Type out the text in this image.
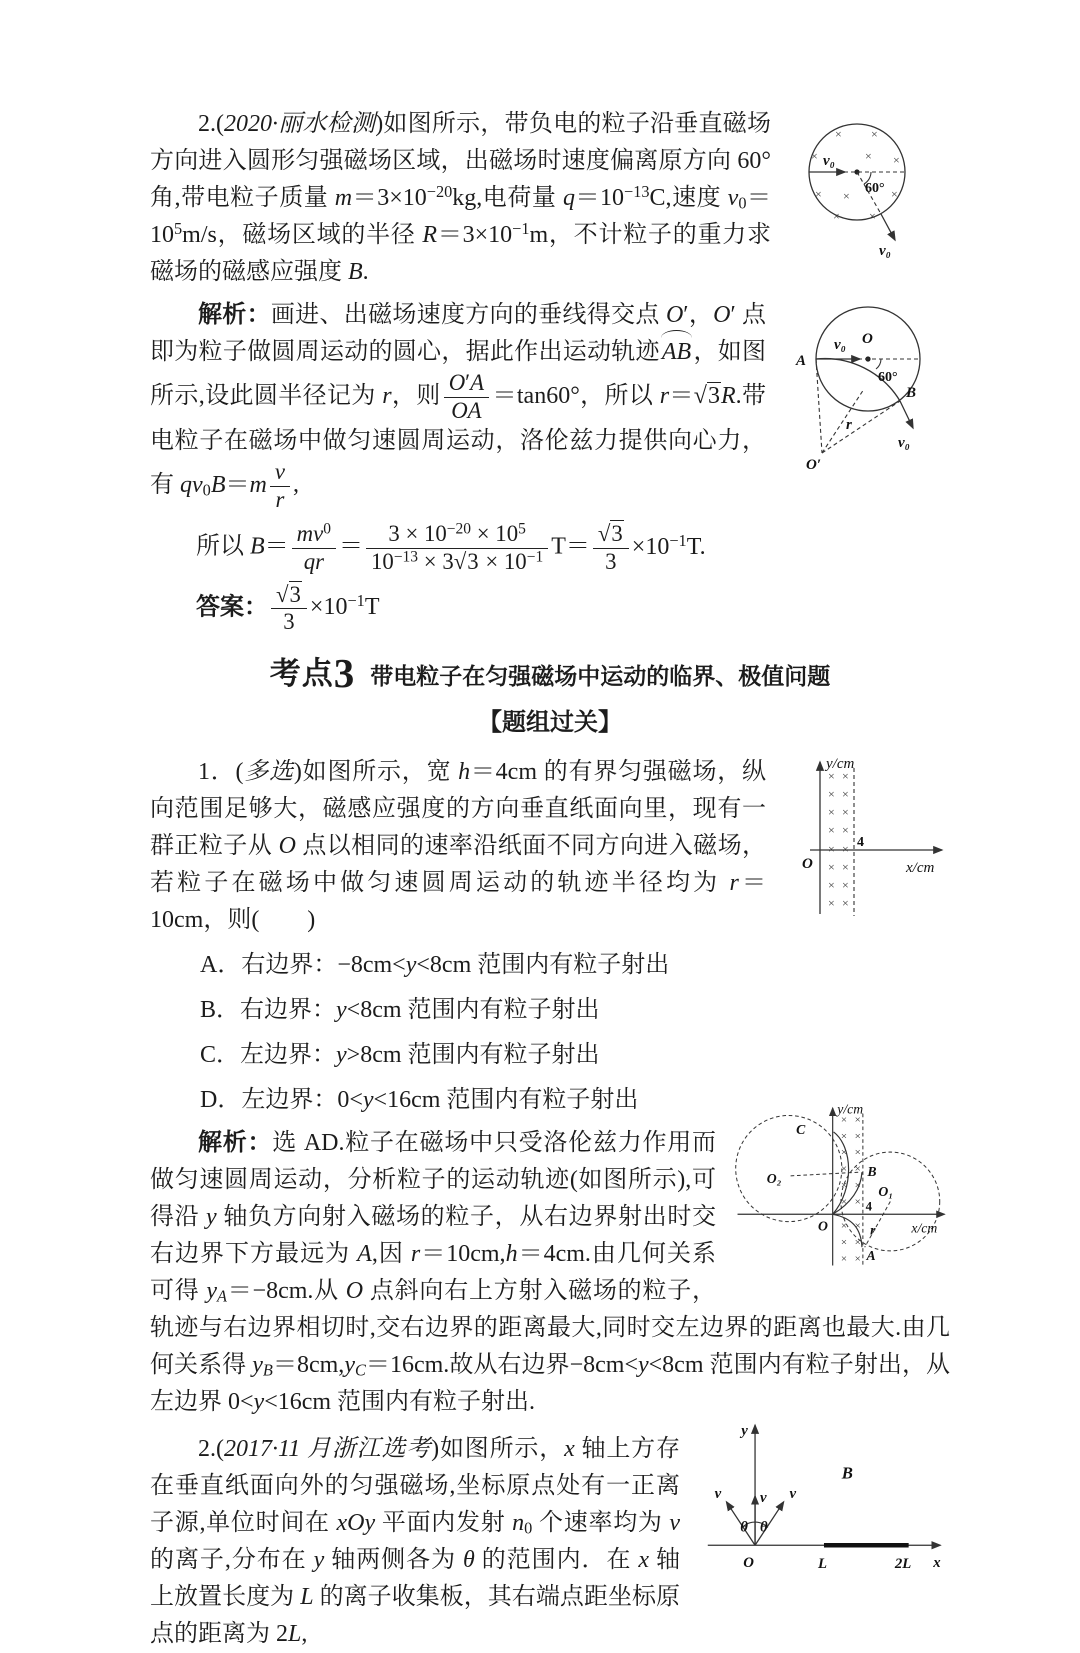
× ×
×	× ×
× ×	×
× ×
v₀
60°
v₀
2.(2020·丽水检测)如图所示，带负电的粒子沿垂直磁场方向进入圆形匀强磁场区域，出磁场时速度偏离原方向 60° 角,带电粒子质量 $m=3\times 10^{-20}kg$,电荷量 $q=10^{-13}C$,速度 $v_0=10^5m/s$，磁场区域的半径 $R=3\times 10^{-1}m$，不计粒子的重力求磁场的磁感应强度 B.
A
O
B
60°
v₀
v₀
r
O′
解析：画进、出磁场速度方向的垂线得交点 O′，O′ 点即为粒子做圆周运动的圆心，据此作出运动轨迹AB，如图所示,设此圆半径记为 r，则 $\frac{O'A}{OA} =\tan 60^\circ$，所以 r＝√3R.带电粒子在磁场中做匀速圆周运动，洛伦兹力提供向心力，有 $qv_0B=m \frac{v}{r}$ ,
所以 $B= \frac{mv^0}{qr} = \frac{3 \times 10^{-20} \times 10^5}{10^{-13} \times 3√3 \times 10^{-1}} T= \frac{√3}{3} \times 10^{-1}T$.
答案： $\frac{√3}{3} \times 10^{-1}T$
考点3 带电粒子在匀强磁场中运动的临界、极值问题
【题组过关】
y/cm
x/cm
O
4
× ×
× ×
× ×
× ×
× ×
× ×
× ×
× ×
1．(多选)如图所示，宽 h＝4cm 的有界匀强磁场，纵向范围足够大，磁感应强度的方向垂直纸面向里，现有一群正粒子从 O 点以相同的速率沿纸面不同方向进入磁场，若粒子在磁场中做匀速圆周运动的轨迹半径均为 r＝10cm，则(　　)
A．右边界：−8cm<y<8cm 范围内有粒子射出
B．右边界：y<8cm 范围内有粒子射出
C．左边界：y>8cm 范围内有粒子射出
D．左边界：0<y<16cm 范围内有粒子射出
× ×
× ×
× ×
× ×
× ×
× ×
× ×
× ×
× ×
y/cm
x/cm
O
4
C
O₂	B
O₁
A
r
解析：选 AD.粒子在磁场中只受洛伦兹力作用而做匀速圆周运动，分析粒子的运动轨迹(如图所示),可得沿 y 轴负方向射入磁场的粒子，从右边界射出时交右边界下方最远为 A,因 r＝10cm,h＝4cm.由几何关系可得 $y_A=-8cm$.从 O 点斜向右上方射入磁场的粒子，轨迹与右边界相切时,交右边界的距离最大,同时交左边界的距离也最大.由几何关系得 $y_B=8cm,y_C=16cm$.故从右边界−8cm<y<8cm 范围内有粒子射出，从左边界 0<y<16cm 范围内有粒子射出.
y
x
O
v
v	v
θ θ
B
L	2L
2.(2017·11 月浙江选考)如图所示，x 轴上方存在垂直纸面向外的匀强磁场,坐标原点处有一正离子源,单位时间在 xOy 平面内发射 $n_0$ 个速率均为 v 的离子,分布在 y 轴两侧各为 θ 的范围内．在 x 轴上放置长度为 L 的离子收集板，其右端点距坐标原点的距离为 2L,
